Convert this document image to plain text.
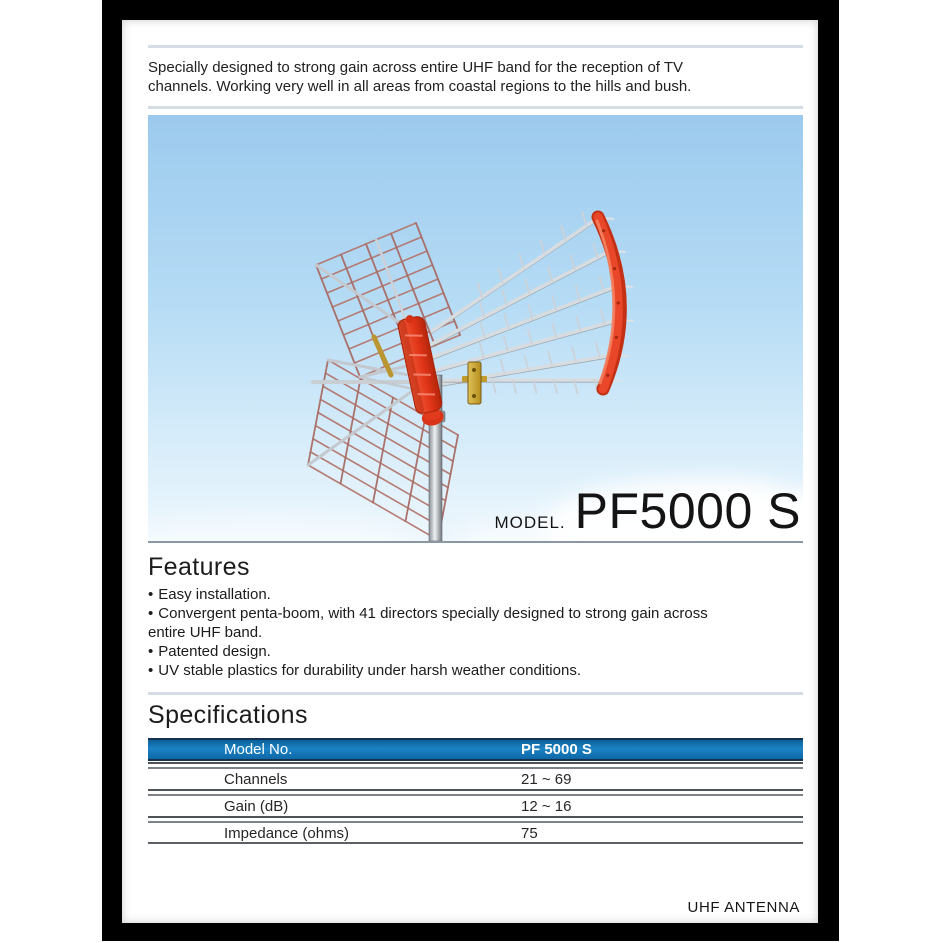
Specially designed to strong gain across entire UHF band for the reception of TV channels. Working very well in all areas from coastal regions to the hills and bush.

MODEL. PF5000 S
Features
• Easy installation.
• Convergent penta-boom, with 41 directors specially designed to strong gain across entire UHF band.
• Patented design.
• UV stable plastics for durability under harsh weather conditions.
Specifications
Model No.	PF 5000 S
Channels	21 ~ 69
Gain (dB)	12 ~ 16
Impedance (ohms)	75
UHF ANTENNA
